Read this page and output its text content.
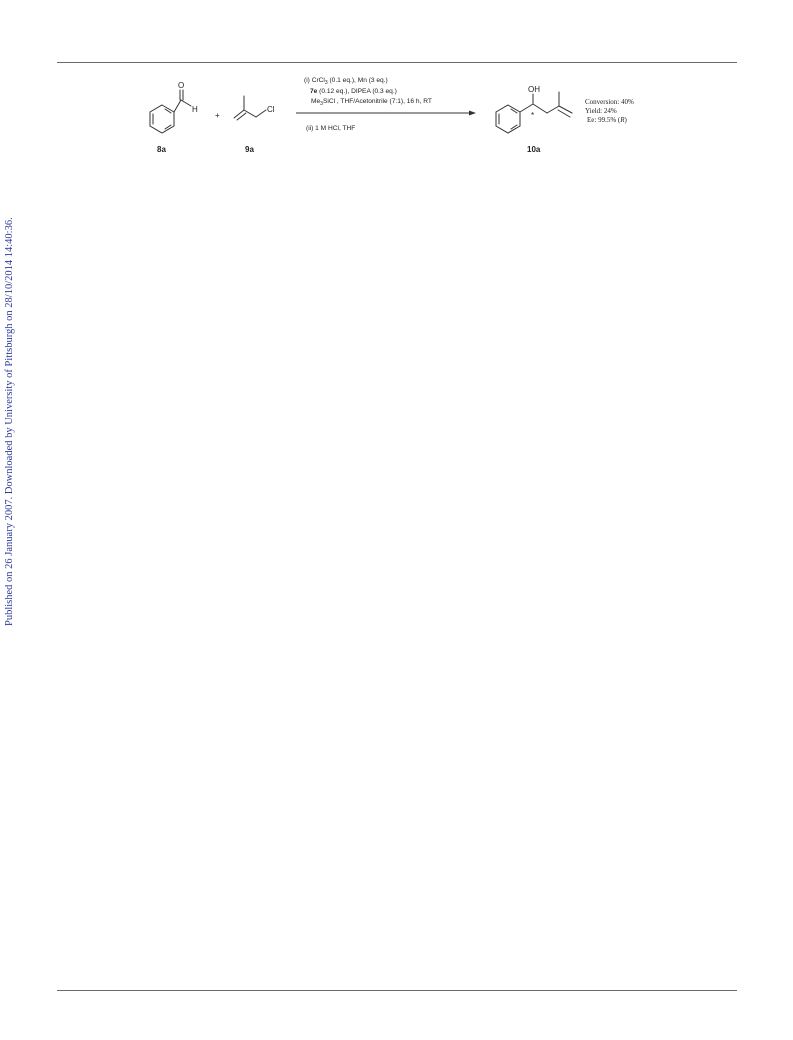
Published on 26 January 2007. Downloaded by University of Pittsburgh on 28/10/2014 14:40:36.
O
H
8a
+
Cl
9a
(i) CrCl$_3$ (0.1 eq.), Mn (3 eq.)
7e (0.12 eq.), DIPEA (0.3 eq.)
$Me_3SiCl$ , THF/Acetonitrile (7:1), 16 h, RT
(ii) 1 M HCl, THF
OH
*
10a
Conversion: 40%
Yield: 24%
Ee: 99.5% (R)
